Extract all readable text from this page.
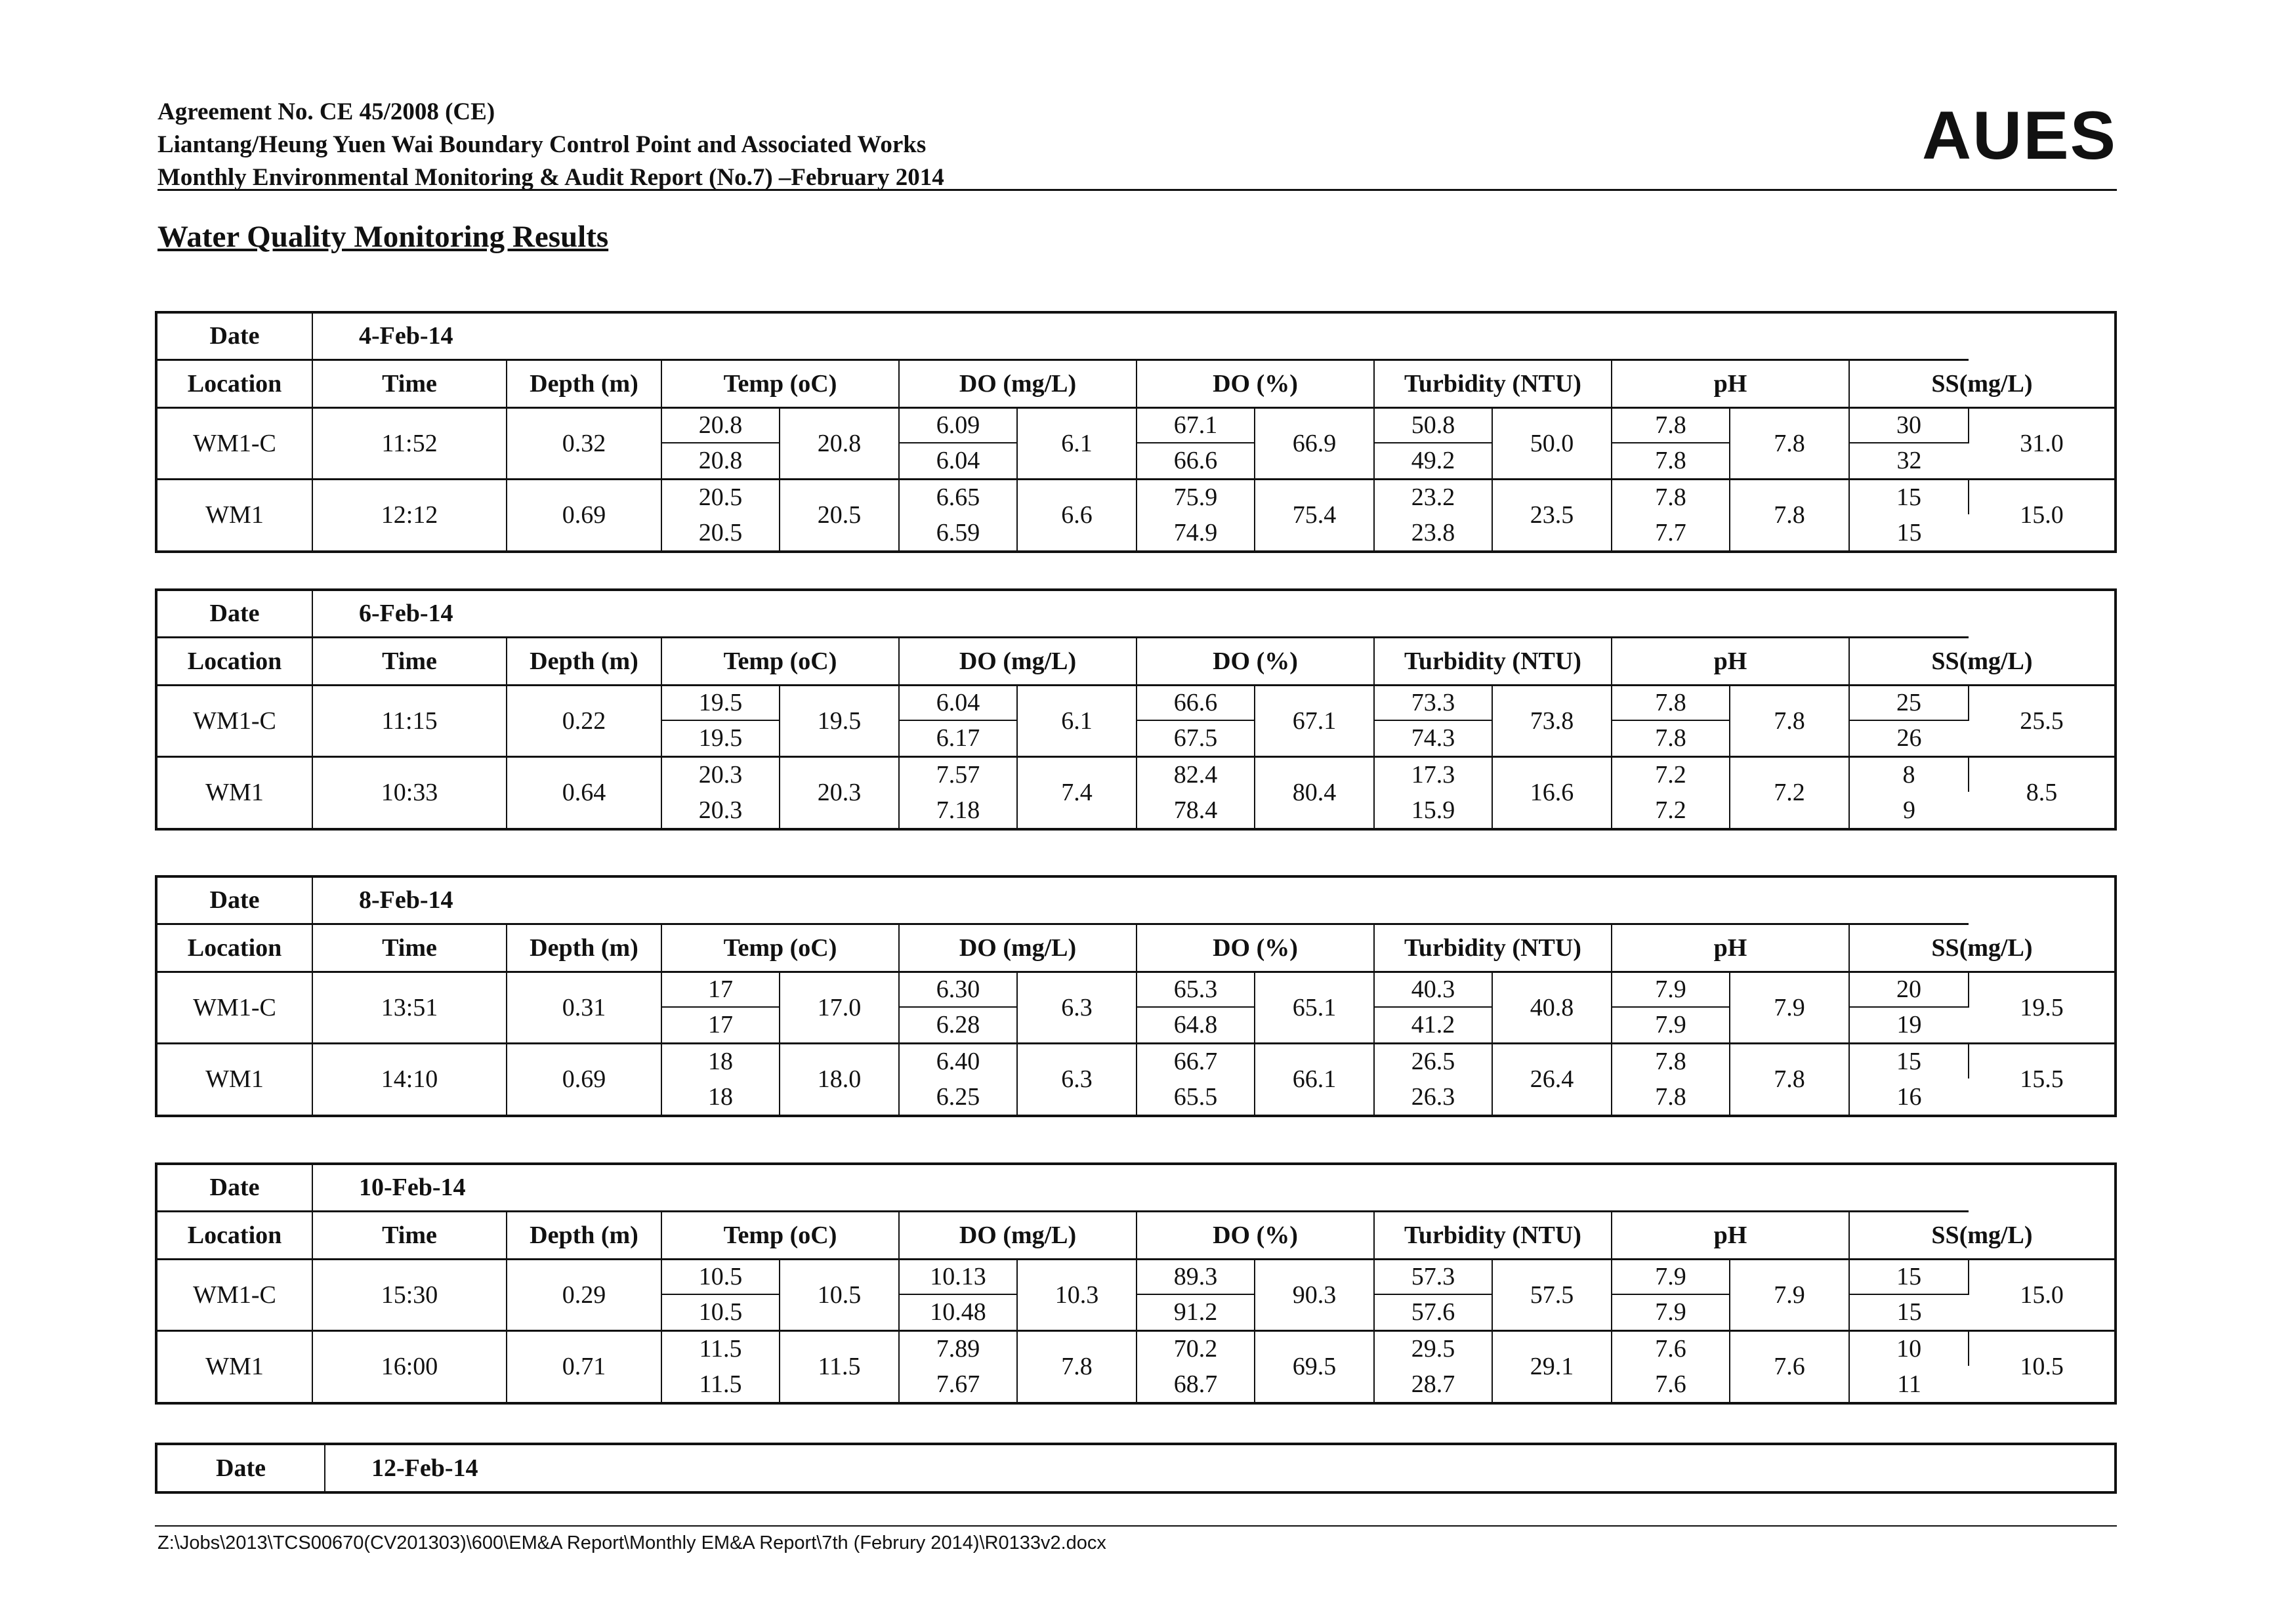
Agreement No. CE 45/2008 (CE)
Liantang/Heung Yuen Wai Boundary Control Point and Associated Works
Monthly Environmental Monitoring & Audit Report (No.7) –February 2014
AUES
Water Quality Monitoring Results
Date	4-Feb-14													
Location	Time	Depth (m)	Temp (oC)		DO (mg/L)		DO (%)		Turbidity (NTU)		pH		SS(mg/L)	
WM1-C	11:52	0.32	20.8	20.8	6.09	6.1	67.1	66.9	50.8	50.0	7.8	7.8	30	31.0
			20.8		6.04		66.6		49.2		7.8		32	
WM1	12:12	0.69	20.5	20.5	6.65	6.6	75.9	75.4	23.2	23.5	7.8	7.8	15	15.0
			20.5		6.59		74.9		23.8		7.7		15	
Date	6-Feb-14													
Location	Time	Depth (m)	Temp (oC)		DO (mg/L)		DO (%)		Turbidity (NTU)		pH		SS(mg/L)	
WM1-C	11:15	0.22	19.5	19.5	6.04	6.1	66.6	67.1	73.3	73.8	7.8	7.8	25	25.5
			19.5		6.17		67.5		74.3		7.8		26	
WM1	10:33	0.64	20.3	20.3	7.57	7.4	82.4	80.4	17.3	16.6	7.2	7.2	8	8.5
			20.3		7.18		78.4		15.9		7.2		9	
Date	8-Feb-14													
Location	Time	Depth (m)	Temp (oC)		DO (mg/L)		DO (%)		Turbidity (NTU)		pH		SS(mg/L)	
WM1-C	13:51	0.31	17	17.0	6.30	6.3	65.3	65.1	40.3	40.8	7.9	7.9	20	19.5
			17		6.28		64.8		41.2		7.9		19	
WM1	14:10	0.69	18	18.0	6.40	6.3	66.7	66.1	26.5	26.4	7.8	7.8	15	15.5
			18		6.25		65.5		26.3		7.8		16	
Date	10-Feb-14													
Location	Time	Depth (m)	Temp (oC)		DO (mg/L)		DO (%)		Turbidity (NTU)		pH		SS(mg/L)	
WM1-C	15:30	0.29	10.5	10.5	10.13	10.3	89.3	90.3	57.3	57.5	7.9	7.9	15	15.0
			10.5		10.48		91.2		57.6		7.9		15	
WM1	16:00	0.71	11.5	11.5	7.89	7.8	70.2	69.5	29.5	29.1	7.6	7.6	10	10.5
			11.5		7.67		68.7		28.7		7.6		11	
Date	12-Feb-14
Z:\Jobs\2013\TCS00670(CV201303)\600\EM&A Report\Monthly EM&A Report\7th (Februry 2014)\R0133v2.docx
